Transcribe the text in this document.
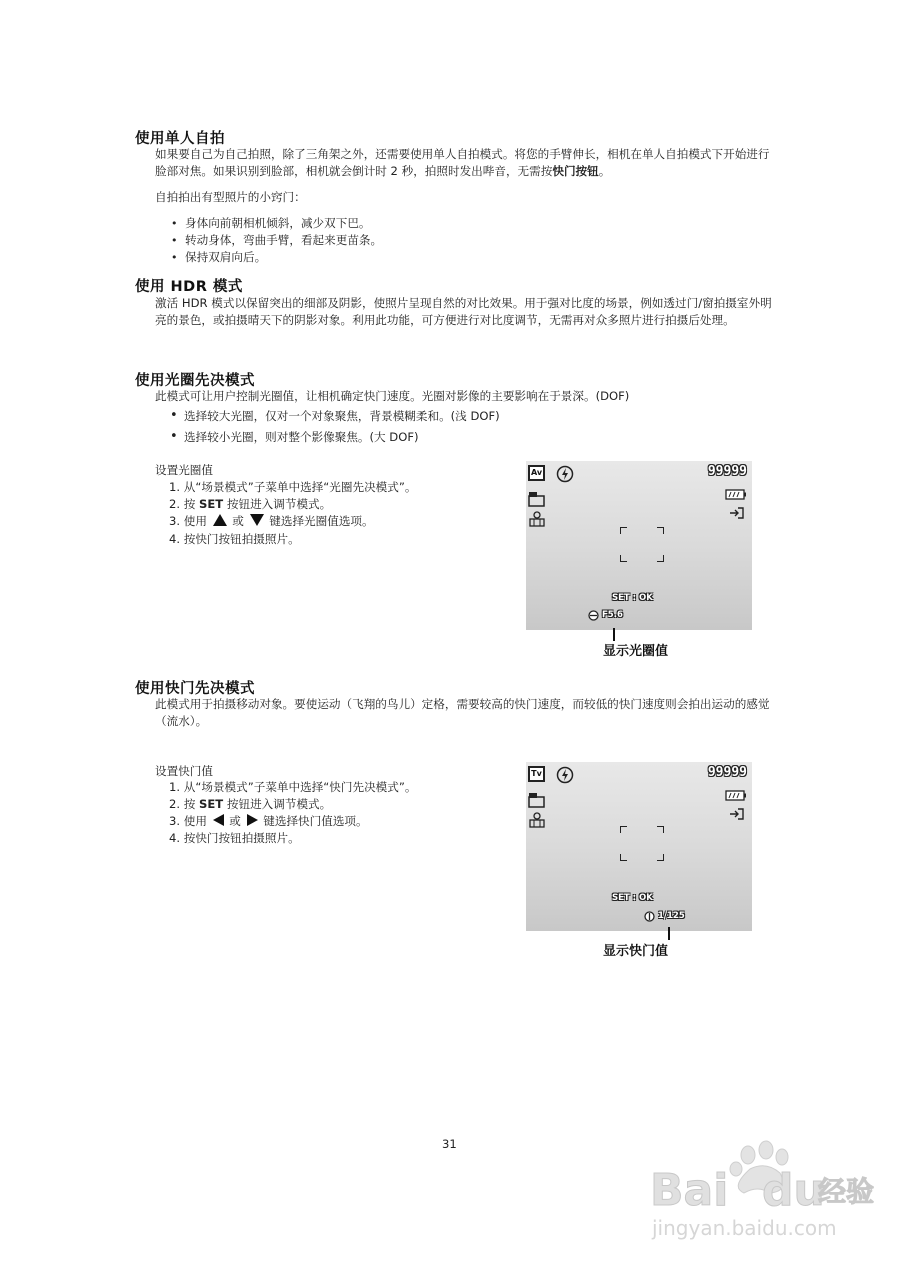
使用单人自拍
如果要自己为自己拍照，除了三角架之外，还需要使用单人自拍模式。将您的手臂伸长，相机在单人自拍模式下开始进行脸部对焦。如果识别到脸部，相机就会倒计时 2 秒，拍照时发出哔音，无需按快门按钮。
自拍拍出有型照片的小窍门：
• 身体向前朝相机倾斜，减少双下巴。
• 转动身体，弯曲手臂，看起来更苗条。
• 保持双肩向后。
使用 HDR 模式
激活 HDR 模式以保留突出的细部及阴影，使照片呈现自然的对比效果。用于强对比度的场景，例如透过门/窗拍摄室外明亮的景色，或拍摄晴天下的阴影对象。利用此功能，可方便进行对比度调节，无需再对众多照片进行拍摄后处理。
使用光圈先决模式
此模式可让用户控制光圈值，让相机确定快门速度。光圈对影像的主要影响在于景深。(DOF)
• 选择较大光圈，仅对一个对象聚焦，背景模糊柔和。(浅 DOF)
• 选择较小光圈，则对整个影像聚焦。(大 DOF)
设置光圈值
1. 从“场景模式”子菜单中选择“光圈先决模式”。
2. 按 SET 按钮进入调节模式。
3. 使用  或  键选择光圈值选项。
4. 按快门按钮拍摄照片。
Av	99999
SET : OK
F5.6
显示光圈值
使用快门先决模式
此模式用于拍摄移动对象。要使运动（飞翔的鸟儿）定格，需要较高的快门速度，而较低的快门速度则会拍出运动的感觉（流水）。
设置快门值
1. 从“场景模式”子菜单中选择“快门先决模式”。
2. 按 SET 按钮进入调节模式。
3. 使用  或  键选择快门值选项。
4. 按快门按钮拍摄照片。
Tv	99999
SET : OK
1/125
显示快门值
31
Bai du
经验
jingyan.baidu.com
